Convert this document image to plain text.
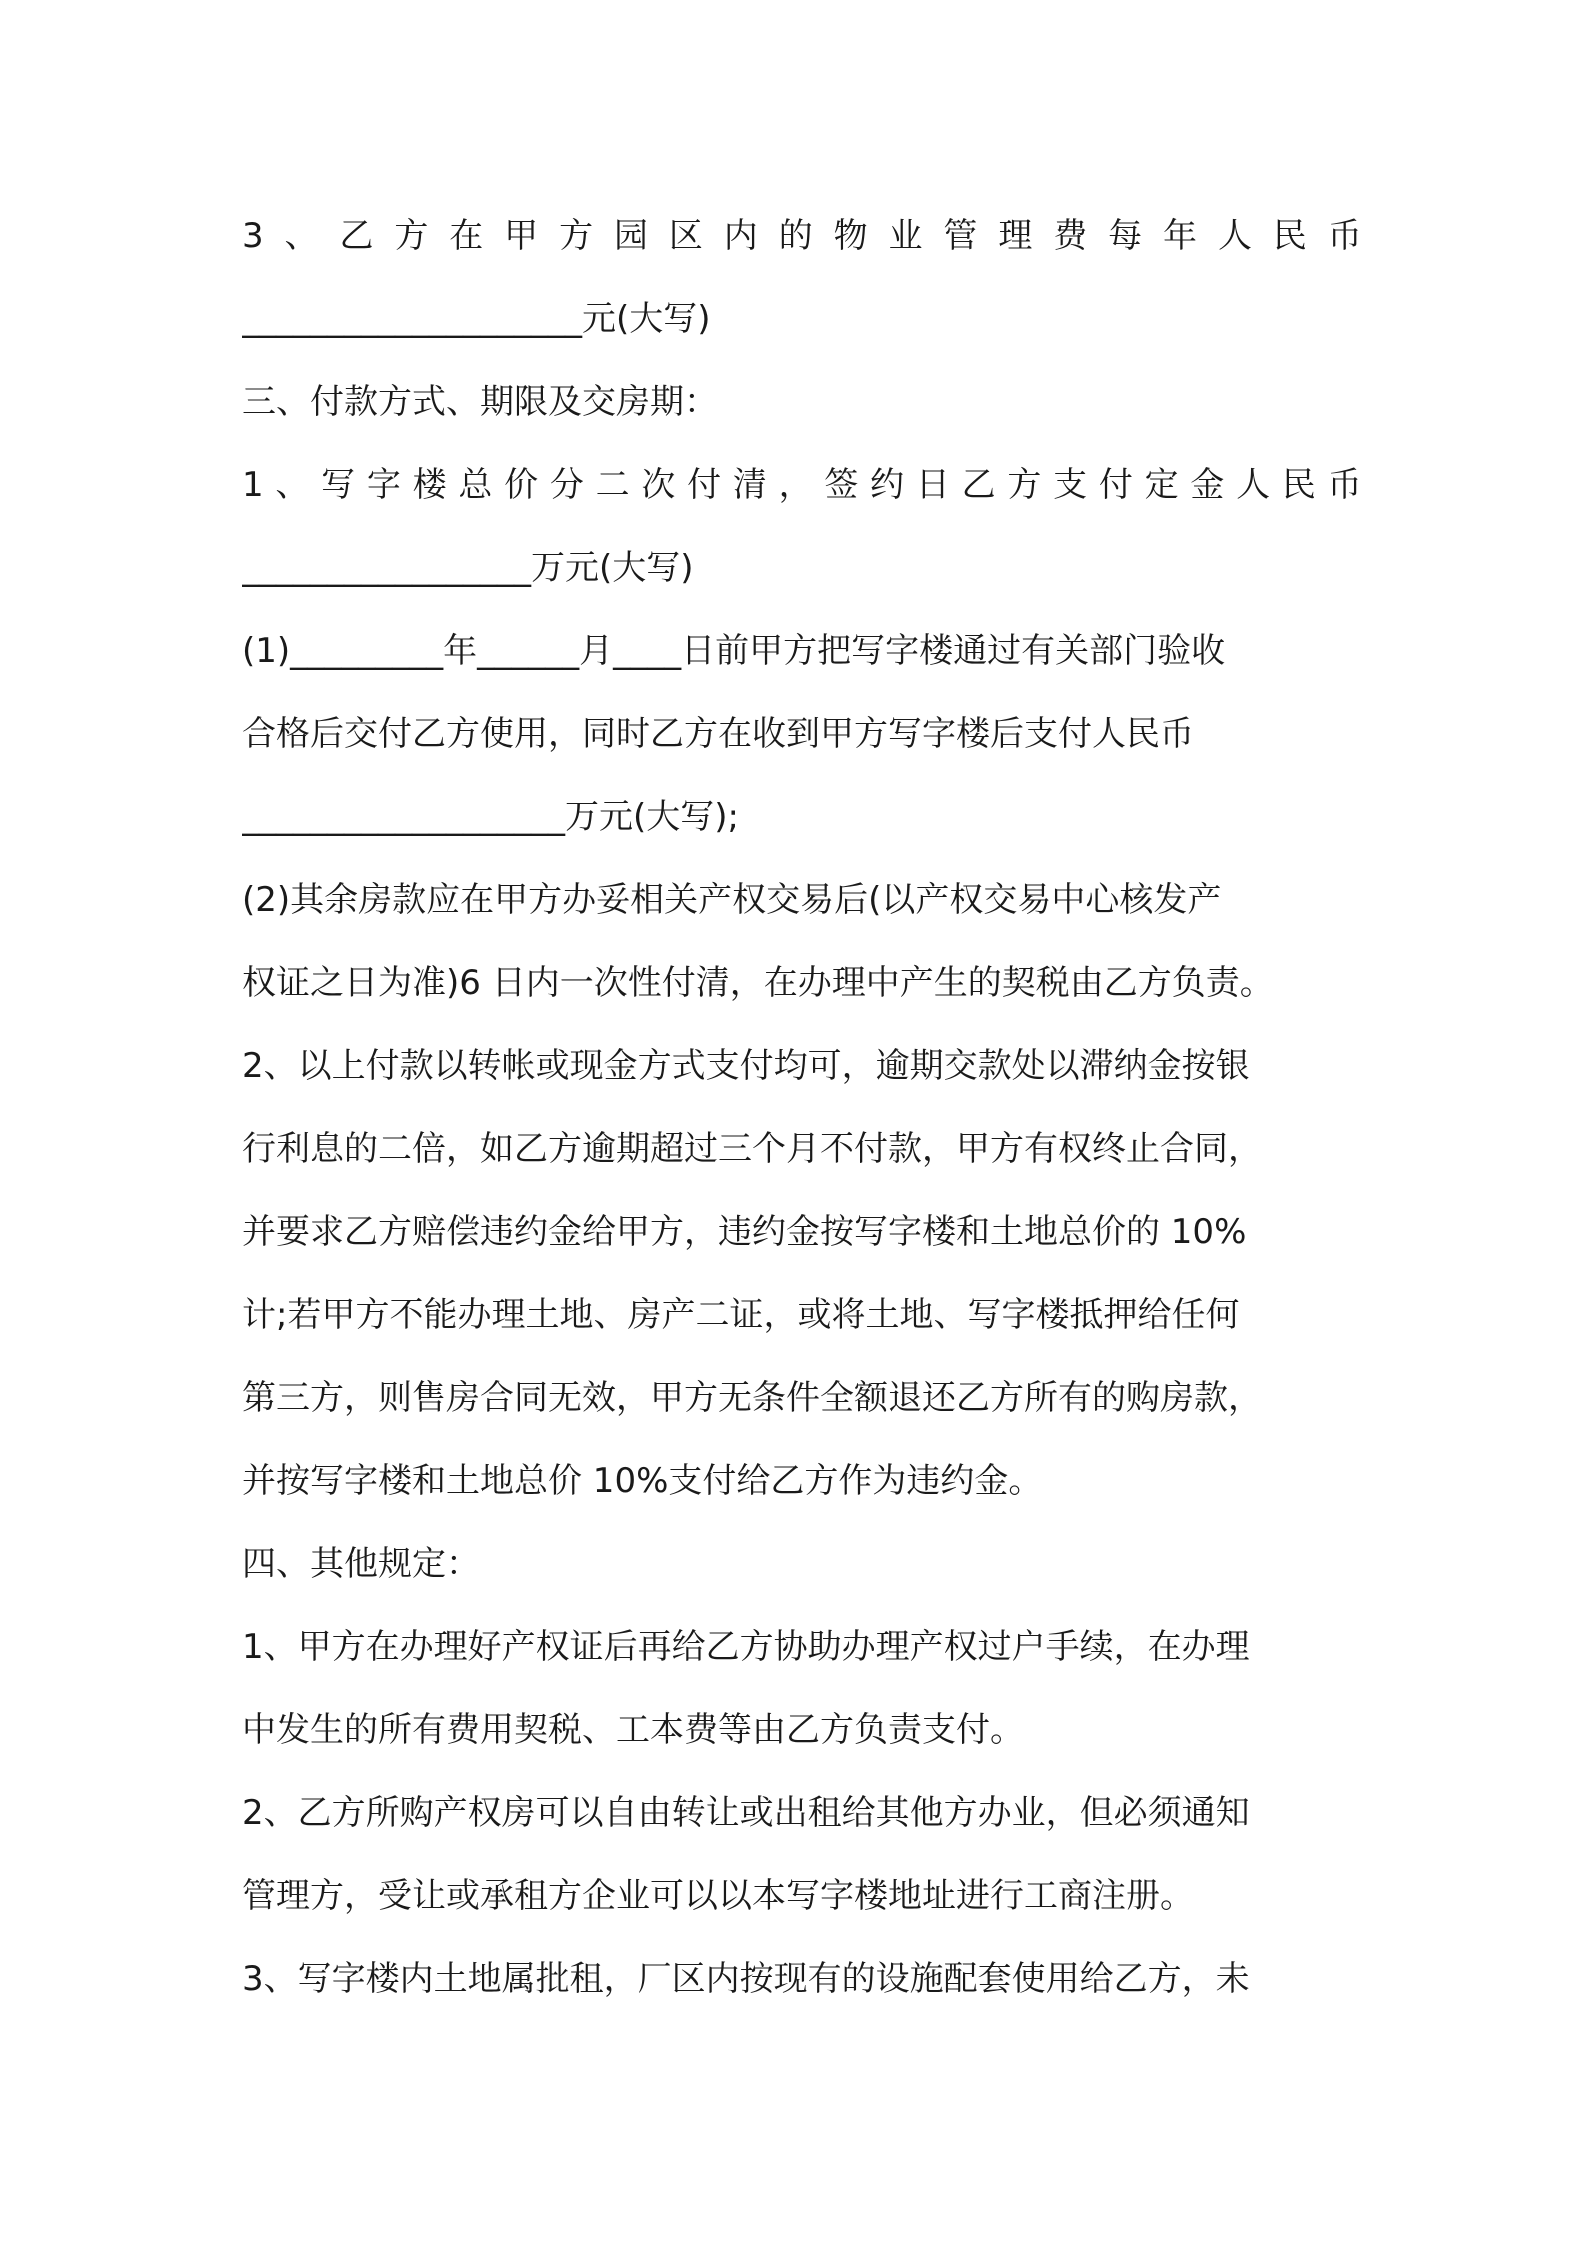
3 、 乙 方 在 甲 方 园 区 内 的 物 业 管 理 费 每 年 人 民 币
____________________元(大写)
三、付款方式、期限及交房期：
1 、 写 字 楼 总 价 分 二 次 付 清 ， 签 约 日 乙 方 支 付 定 金 人 民 币
_________________万元(大写)
(1)_________年______月____日前甲方把写字楼通过有关部门验收
合格后交付乙方使用，同时乙方在收到甲方写字楼后支付人民币
___________________万元(大写);
(2)其余房款应在甲方办妥相关产权交易后(以产权交易中心核发产
权证之日为准)6 日内一次性付清，在办理中产生的契税由乙方负责。
2、以上付款以转帐或现金方式支付均可，逾期交款处以滞纳金按银
行利息的二倍，如乙方逾期超过三个月不付款，甲方有权终止合同，
并要求乙方赔偿违约金给甲方，违约金按写字楼和土地总价的 10%
计;若甲方不能办理土地、房产二证，或将土地、写字楼抵押给任何
第三方，则售房合同无效，甲方无条件全额退还乙方所有的购房款，
并按写字楼和土地总价 10%支付给乙方作为违约金。
四、其他规定：
1、甲方在办理好产权证后再给乙方协助办理产权过户手续，在办理
中发生的所有费用契税、工本费等由乙方负责支付。
2、乙方所购产权房可以自由转让或出租给其他方办业，但必须通知
管理方，受让或承租方企业可以以本写字楼地址进行工商注册。
3、写字楼内土地属批租，厂区内按现有的设施配套使用给乙方，未
